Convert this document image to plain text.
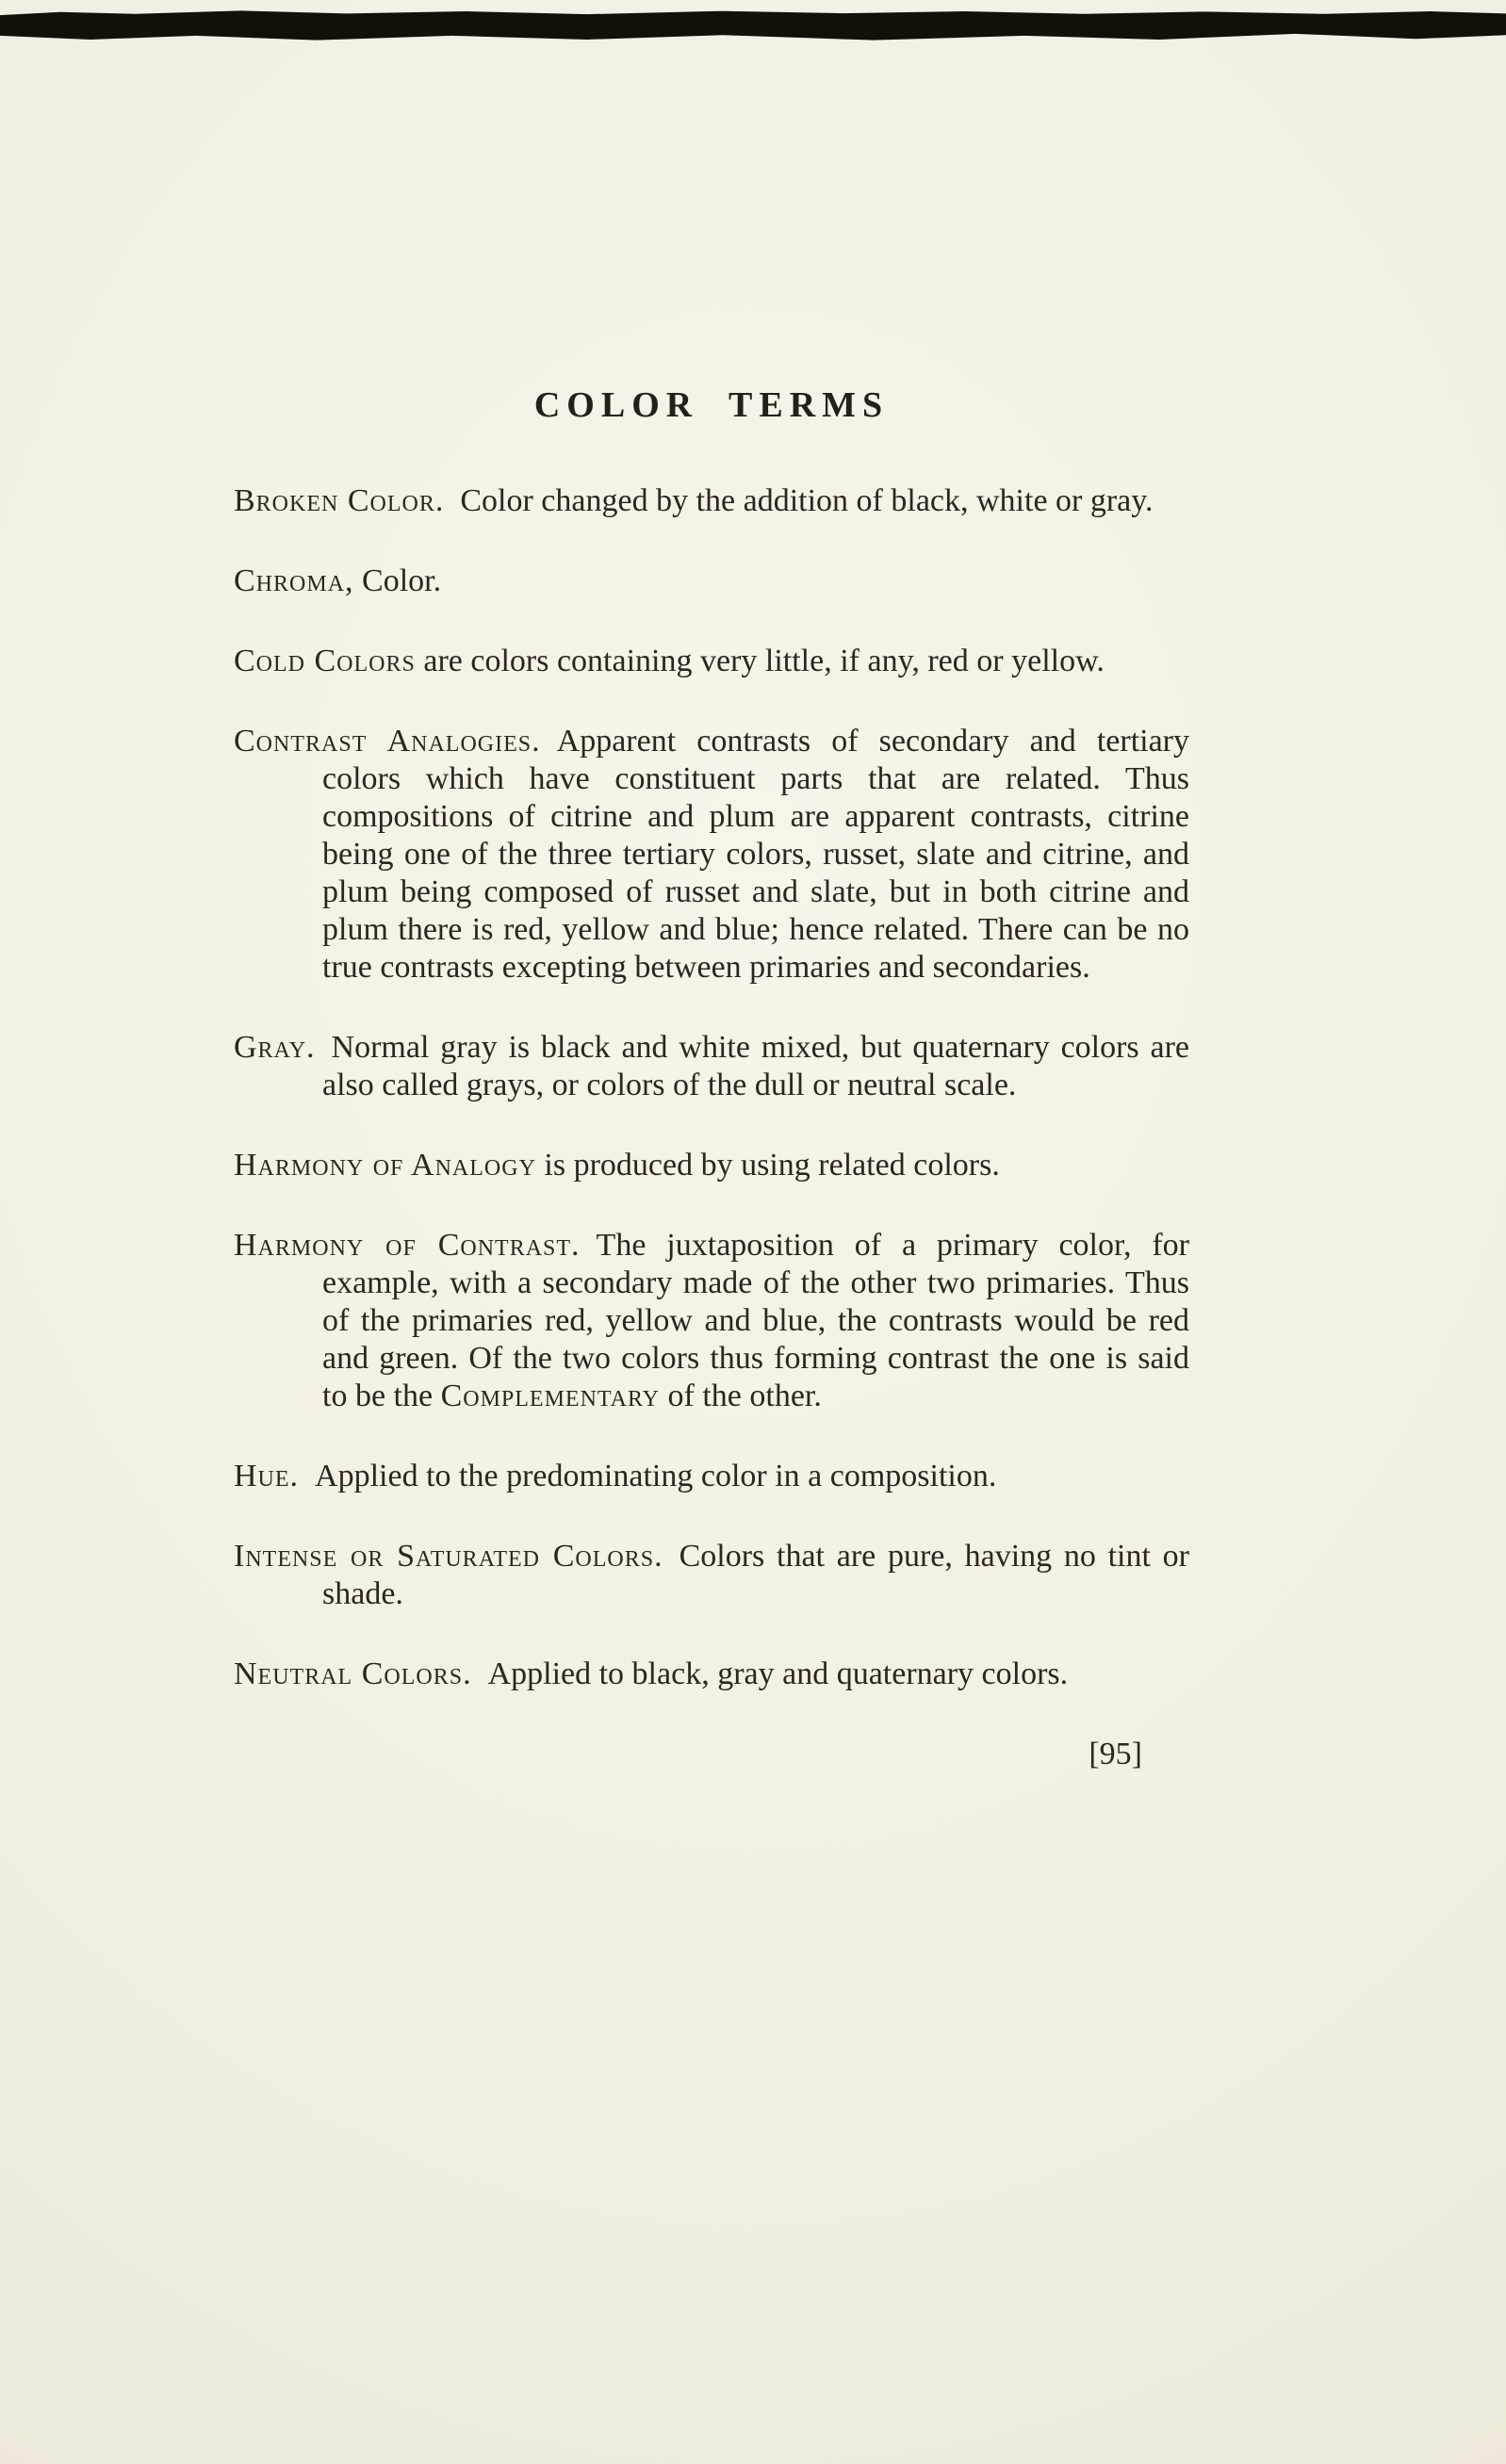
COLOR TERMS

Broken Color. Color changed by the addition of black, white or gray.

Chroma, Color.

Cold Colors are colors containing very little, if any, red or yellow.

Contrast Analogies. Apparent contrasts of secondary and tertiary colors which have constituent parts that are related. Thus compositions of citrine and plum are apparent contrasts, citrine being one of the three tertiary colors, russet, slate and citrine, and plum being composed of russet and slate, but in both citrine and plum there is red, yellow and blue; hence related. There can be no true contrasts excepting between primaries and secondaries.

Gray. Normal gray is black and white mixed, but quaternary colors are also called grays, or colors of the dull or neutral scale.

Harmony of Analogy is produced by using related colors.

Harmony of Contrast. The juxtaposition of a primary color, for example, with a secondary made of the other two primaries. Thus of the primaries red, yellow and blue, the contrasts would be red and green. Of the two colors thus forming contrast the one is said to be the Complementary of the other.

Hue. Applied to the predominating color in a composition.

Intense or Saturated Colors. Colors that are pure, having no tint or shade.

Neutral Colors. Applied to black, gray and quaternary colors.

[95]
